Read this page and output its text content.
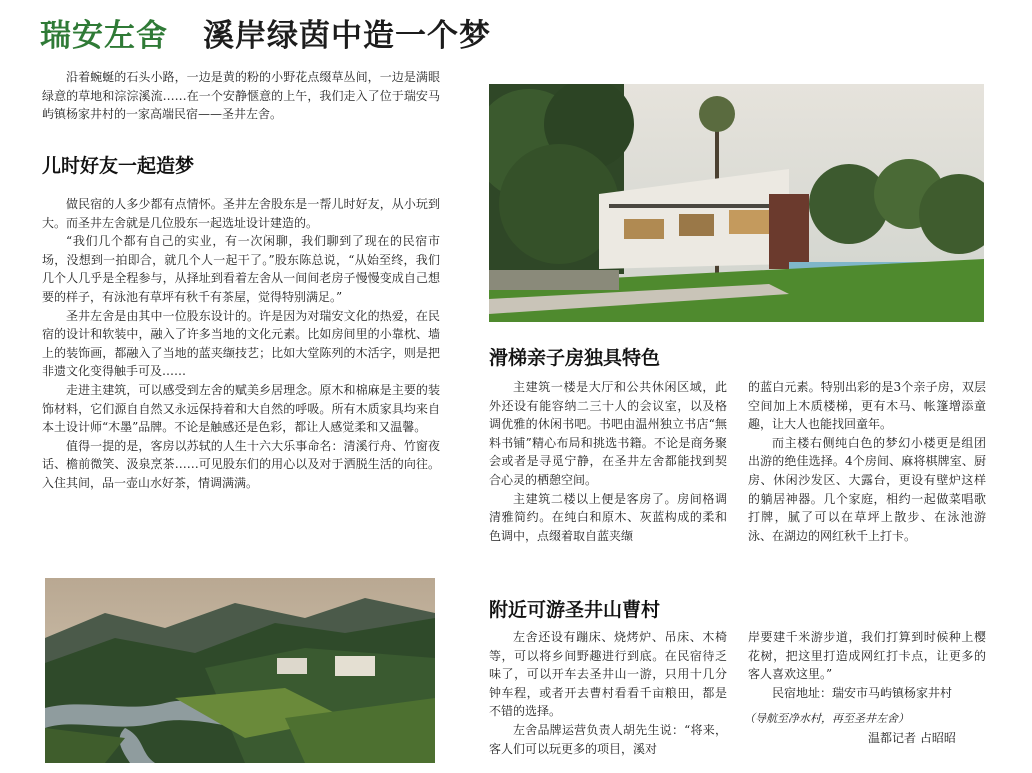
瑞安左舍 溪岸绿茵中造一个梦

沿着蜿蜒的石头小路，一边是黄的粉的小野花点缀草丛间，一边是满眼绿意的草地和淙淙溪流……在一个安静惬意的上午，我们走入了位于瑞安马屿镇杨家井村的一家高端民宿——圣井左舍。

儿时好友一起造梦

做民宿的人多少都有点情怀。圣井左舍股东是一帮儿时好友，从小玩到大。而圣井左舍就是几位股东一起选址设计建造的。

“我们几个都有自己的实业，有一次闲聊，我们聊到了现在的民宿市场，没想到一拍即合，就几个人一起干了。”股东陈总说，“从始至终，我们几个人几乎是全程参与，从择址到看着左舍从一间间老房子慢慢变成自己想要的样子，有泳池有草坪有秋千有茶屋，觉得特别满足。”

圣井左舍是由其中一位股东设计的。许是因为对瑞安文化的热爱，在民宿的设计和软装中，融入了许多当地的文化元素。比如房间里的小靠枕、墙上的装饰画，都融入了当地的蓝夹缬技艺；比如大堂陈列的木活字，则是把非遗文化变得触手可及……

走进主建筑，可以感受到左舍的赋美乡居理念。原木和棉麻是主要的装饰材料，它们源自自然又永远保持着和大自然的呼吸。所有木质家具均来自本土设计师“木墨”品牌。不论是触感还是色彩，都让人感觉柔和又温馨。

值得一提的是，客房以苏轼的人生十六大乐事命名：清溪行舟、竹窗夜话、檐前微笑、汲泉烹茶……可见股东们的用心以及对于洒脱生活的向往。入住其间，品一壶山水好茶，情调满满。

滑梯亲子房独具特色

主建筑一楼是大厅和公共休闲区域，此外还设有能容纳二三十人的会议室，以及格调优雅的休闲书吧。书吧由温州独立书店“無料书铺”精心布局和挑选书籍。不论是商务聚会或者是寻觅宁静，在圣井左舍都能找到契合心灵的栖憩空间。

主建筑二楼以上便是客房了。房间格调清雅简约。在纯白和原木、灰蓝构成的柔和色调中，点缀着取自蓝夹缬

的蓝白元素。特别出彩的是3个亲子房，双层空间加上木质楼梯，更有木马、帐篷增添童趣，让大人也能找回童年。

而主楼右侧纯白色的梦幻小楼更是组团出游的绝佳选择。4个房间、麻将棋牌室、厨房、休闲沙发区、大露台，更设有壁炉这样的躺居神器。几个家庭，相约一起做菜唱歌打牌，腻了可以在草坪上散步、在泳池游泳、在湖边的网红秋千上打卡。

附近可游圣井山曹村

左舍还设有蹦床、烧烤炉、吊床、木椅等，可以将乡间野趣进行到底。在民宿待乏味了，可以开车去圣井山一游，只用十几分钟车程，或者开去曹村看看千亩粮田，都是不错的选择。

左舍品牌运营负责人胡先生说：“将来，客人们可以玩更多的项目，溪对

岸要建千米游步道，我们打算到时候种上樱花树，把这里打造成网红打卡点，让更多的客人喜欢这里。”

民宿地址：瑞安市马屿镇杨家井村

（导航至净水村，再至圣井左舍）
温都记者 占昭昭
